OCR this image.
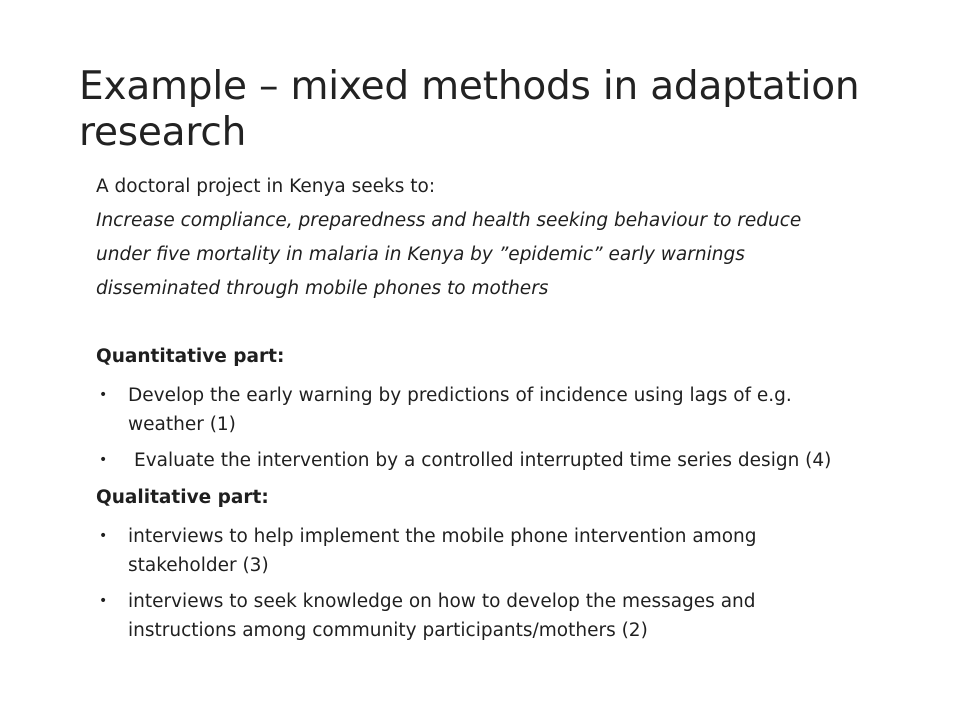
Example – mixed methods in adaptation research

A doctoral project in Kenya seeks to:

Increase compliance, preparedness and health seeking behaviour to reduce under five mortality in malaria in Kenya by ”epidemic” early warnings disseminated through mobile phones to mothers

Quantitative part:

• Develop the early warning by predictions of incidence using lags of e.g. weather (1)
• Evaluate the intervention by a controlled interrupted time series design (4)

Qualitative part:

• interviews to help implement the mobile phone intervention among stakeholder (3)
• interviews to seek knowledge on how to develop the messages and instructions among community participants/mothers (2)
